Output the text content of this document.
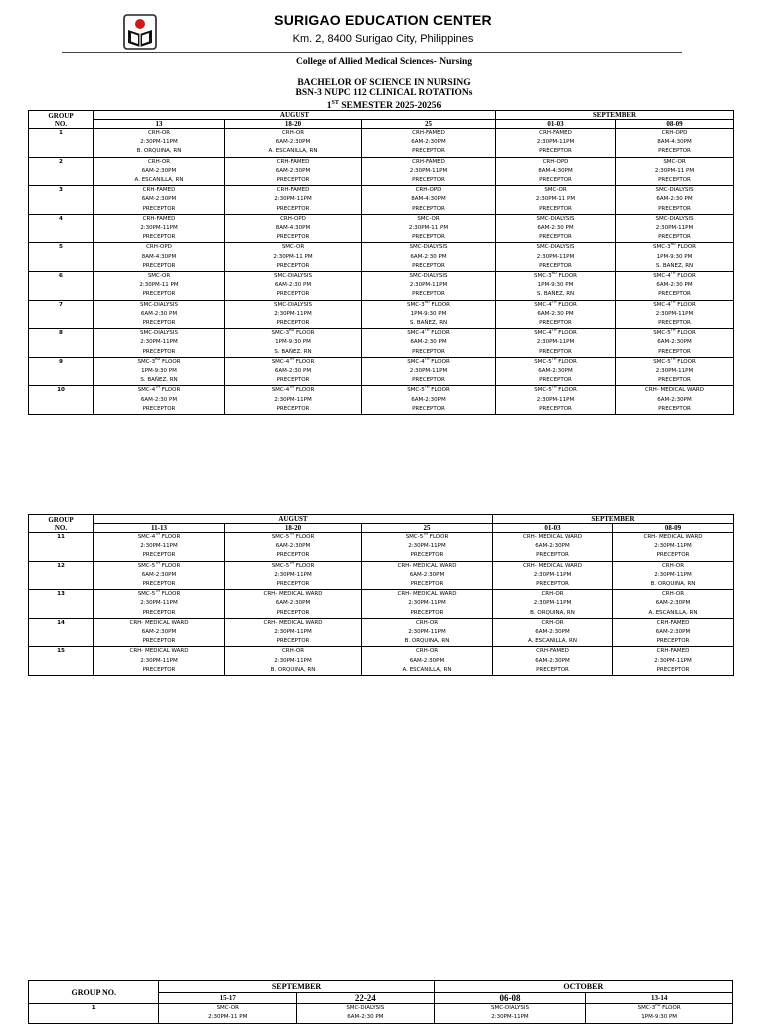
SURIGAO EDUCATION CENTER
Km. 2, 8400 Surigao City, Philippines
College of Allied Medical Sciences- Nursing
BACHELOR OF SCIENCE IN NURSING
BSN-3 NUPC 112 CLINICAL ROTATIONs
1ST SEMESTER 2025-20256
GROUP
NO.	AUGUST			SEPTEMBER	
	13	18-20	25	01-03	08-09
1	CRH-OR
2:30PM-11PM
B. ORQUINA, RN	CRH-OR
6AM-2:30PM
A. ESCANILLA, RN	CRH-FAMED
6AM-2:30PM
PRECEPTOR	CRH-FAMED
2:30PM-11PM
PRECEPTOR	CRH-OPD
8AM-4:30PM
PRECEPTOR

2	CRH-OR
6AM-2:30PM
A. ESCANILLA, RN	CRH-FAMED
6AM-2:30PM
PRECEPTOR	CRH-FAMED
2:30PM-11PM
PRECEPTOR	CRH-OPD
8AM-4:30PM
PRECEPTOR	SMC-OR
2:30PM-11 PM
PRECEPTOR

3	CRH-FAMED
6AM-2:30PM
PRECEPTOR	CRH-FAMED
2:30PM-11PM
PRECEPTOR	CRH-OPD
8AM-4:30PM
PRECEPTOR	SMC-OR
2:30PM-11 PM
PRECEPTOR	SMC-DIALYSIS
6AM-2:30 PM
PRECEPTOR

4	CRH-FAMED
2:30PM-11PM
PRECEPTOR	CRH-OPD
8AM-4:30PM
PRECEPTOR	SMC-OR
2:30PM-11 PM
PRECEPTOR	SMC-DIALYSIS
6AM-2:30 PM
PRECEPTOR	SMC-DIALYSIS
2:30PM-11PM
PRECEPTOR

5	CRH-OPD
8AM-4:30PM
PRECEPTOR	SMC-OR
2:30PM-11 PM
PRECEPTOR	SMC-DIALYSIS
6AM-2:30 PM
PRECEPTOR	SMC-DIALYSIS
2:30PM-11PM
PRECEPTOR	SMC-3RD FLOOR
1PM-9:30 PM
S. BAÑEZ, RN

6	SMC-OR
2:30PM-11 PM
PRECEPTOR	SMC-DIALYSIS
6AM-2:30 PM
PRECEPTOR	SMC-DIALYSIS
2:30PM-11PM
PRECEPTOR	SMC-3RD FLOOR
1PM-9:30 PM
S. BAÑEZ, RN	SMC-4TH FLOOR
6AM-2:30 PM
PRECEPTOR

7	SMC-DIALYSIS
6AM-2:30 PM
PRECEPTOR	SMC-DIALYSIS
2:30PM-11PM
PRECEPTOR	SMC-3RD FLOOR
1PM-9:30 PM
S. BAÑEZ, RN	SMC-4TH FLOOR
6AM-2:30 PM
PRECEPTOR	SMC-4TH FLOOR
2:30PM-11PM
PRECEPTOR

8	SMC-DIALYSIS
2:30PM-11PM
PRECEPTOR	SMC-3RD FLOOR
1PM-9:30 PM
S. BAÑEZ, RN	SMC-4TH FLOOR
6AM-2:30 PM
PRECEPTOR	SMC-4TH FLOOR
2:30PM-11PM
PRECEPTOR	SMC-5TH FLOOR
6AM-2:30PM
PRECEPTOR

9	SMC-3RD FLOOR
1PM-9:30 PM
S. BAÑEZ, RN	SMC-4TH FLOOR
6AM-2:30 PM
PRECEPTOR	SMC-4TH FLOOR
2:30PM-11PM
PRECEPTOR	SMC-5TH FLOOR
6AM-2:30PM
PRECEPTOR	SMC-5TH FLOOR
2:30PM-11PM
PRECEPTOR

10	SMC-4TH FLOOR
6AM-2:30 PM
PRECEPTOR	SMC-4TH FLOOR
2:30PM-11PM
PRECEPTOR	SMC-5TH FLOOR
6AM-2:30PM
PRECEPTOR	SMC-5TH FLOOR
2:30PM-11PM
PRECEPTOR	CRH- MEDICAL WARD
6AM-2:30PM
PRECEPTOR
GROUP
NO.	AUGUST			SEPTEMBER	
	11-13	18-20	25	01-03	08-09
11	SMC-4TH FLOOR
2:30PM-11PM
PRECEPTOR	SMC-5TH FLOOR
6AM-2:30PM
PRECEPTOR	SMC-5TH FLOOR
2:30PM-11PM
PRECEPTOR	CRH- MEDICAL WARD
6AM-2:30PM
PRECEPTOR	CRH- MEDICAL WARD
2:30PM-11PM
PRECEPTOR

12	SMC-5TH FLOOR
6AM-2:30PM
PRECEPTOR	SMC-5TH FLOOR
2:30PM-11PM
PRECEPTOR	CRH- MEDICAL WARD
6AM-2:30PM
PRECEPTOR	CRH- MEDICAL WARD
2:30PM-11PM
PRECEPTOR	CRH-OR
2:30PM-11PM
B. ORQUINA, RN

13	SMC-5TH FLOOR
2:30PM-11PM
PRECEPTOR	CRH- MEDICAL WARD
6AM-2:30PM
PRECEPTOR	CRH- MEDICAL WARD
2:30PM-11PM
PRECEPTOR	CRH-OR
2:30PM-11PM
B. ORQUINA, RN	CRH-OR
6AM-2:30PM
A. ESCANILLA, RN

14	CRH- MEDICAL WARD
6AM-2:30PM
PRECEPTOR	CRH- MEDICAL WARD
2:30PM-11PM
PRECEPTOR	CRH-OR
2:30PM-11PM
B. ORQUINA, RN	CRH-OR
6AM-2:30PM
A. ESCANILLA, RN	CRH-FAMED
6AM-2:30PM
PRECEPTOR

15	CRH- MEDICAL WARD
2:30PM-11PM
PRECEPTOR	CRH-OR
2:30PM-11PM
B. ORQUINA, RN	CRH-OR
6AM-2:30PM
A. ESCANILLA, RN	CRH-FAMED
6AM-2:30PM
PRECEPTOR	CRH-FAMED
2:30PM-11PM
PRECEPTOR
GROUP NO.	SEPTEMBER		OCTOBER	
	15-17	22-24	06-08	13-14
1	SMC-OR
2:30PM-11 PM	SMC-DIALYSIS
6AM-2:30 PM	SMC-DIALYSIS
2:30PM-11PM	SMC-3RD FLOOR
1PM-9:30 PM
